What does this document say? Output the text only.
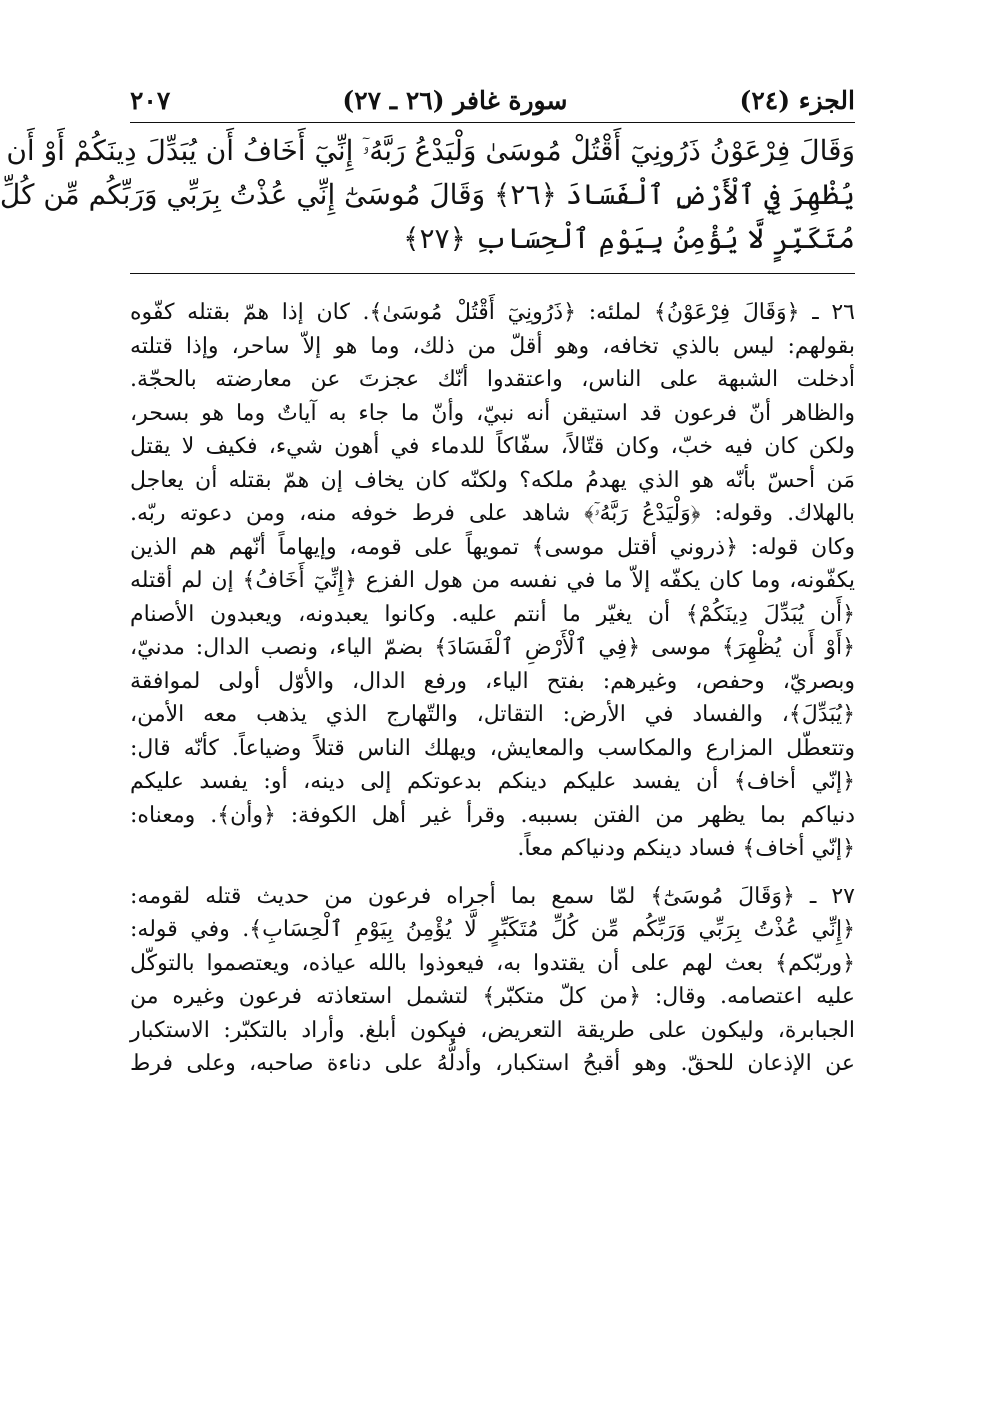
الجزء (٢٤)
سورة غافر (٢٦ ـ ٢٧)
٢٠٧
وَقَالَ فِرْعَوْنُ ذَرُونِيٓ أَقْتُلْ مُوسَىٰ وَلْيَدْعُ رَبَّهُۥٓ إِنِّيٓ أَخَافُ أَن يُبَدِّلَ دِينَكُمْ أَوْ أَن
يُظْهِرَ فِي ٱلْأَرْضِ ٱلْفَسَادَ ﴿٢٦﴾ وَقَالَ مُوسَىٰٓ إِنِّي عُذْتُ بِرَبِّي وَرَبِّكُم مِّن كُلِّ
مُتَكَبِّرٍ لَّا يُؤْمِنُ بِيَوْمِ ٱلْحِسَابِ ﴿٢٧﴾

٢٦ ـ ﴿وَقَالَ فِرْعَوْنُ﴾ لملئه: ﴿ذَرُونِيٓ أَقْتُلْ مُوسَىٰ﴾. كان إذا همّ بقتله كفّوه

بقولهم: ليس بالذي تخافه، وهو أقلّ من ذلك، وما هو إلاّ ساحر، وإذا قتلته

أدخلت الشبهة على الناس، واعتقدوا أنّك عجزتَ عن معارضته بالحجّة.

والظاهر أنّ فرعون قد استيقن أنه نبيّ، وأنّ ما جاء به آياتٌ وما هو بسحر،

ولكن كان فيه خبّ، وكان قتّالاً، سفّاكاً للدماء في أهون شيء، فكيف لا يقتل

مَن أحسّ بأنّه هو الذي يهدمُ ملكه؟ ولكنّه كان يخاف إن همّ بقتله أن يعاجل

بالهلاك. وقوله: ﴿وَلْيَدْعُ رَبَّهُۥٓ﴾ شاهد على فرط خوفه منه، ومن دعوته ربّه.

وكان قوله: ﴿ذروني أقتل موسى﴾ تمويهاً على قومه، وإيهاماً أنّهم هم الذين

يكفّونه، وما كان يكفّه إلاّ ما في نفسه من هول الفزع ﴿إِنِّيٓ أَخَافُ﴾ إن لم أقتله

﴿أَن يُبَدِّلَ دِينَكُمْ﴾ أن يغيّر ما أنتم عليه. وكانوا يعبدونه، ويعبدون الأصنام

﴿أَوْ أَن يُظْهِرَ﴾ موسى ﴿فِي ٱلْأَرْضِ ٱلْفَسَادَ﴾ بضمّ الياء، ونصب الدال: مدنيّ،

وبصريّ، وحفص، وغيرهم: بفتح الياء، ورفع الدال، والأوّل أولى لموافقة

﴿يُبَدِّلَ﴾، والفساد في الأرض: التقاتل، والتّهارج الذي يذهب معه الأمن،

وتتعطّل المزارع والمكاسب والمعايش، ويهلك الناس قتلاً وضياعاً. كأنّه قال:

﴿إنّي أخاف﴾ أن يفسد عليكم دينكم بدعوتكم إلى دينه، أو: يفسد عليكم

دنياكم بما يظهر من الفتن بسببه. وقرأ غير أهل الكوفة: ﴿وأن﴾. ومعناه:

﴿إنّي أخاف﴾ فساد دينكم ودنياكم معاً.

٢٧ ـ ﴿وَقَالَ مُوسَىٰٓ﴾ لمّا سمع بما أجراه فرعون من حديث قتله لقومه:

﴿إِنِّي عُذْتُ بِرَبِّي وَرَبِّكُم مِّن كُلِّ مُتَكَبِّرٍ لَّا يُؤْمِنُ بِيَوْمِ ٱلْحِسَابِ﴾. وفي قوله:

﴿وربّكم﴾ بعث لهم على أن يقتدوا به، فيعوذوا بالله عياذه، ويعتصموا بالتوكّل

عليه اعتصامه. وقال: ﴿من كلّ متكبّر﴾ لتشمل استعاذته فرعون وغيره من

الجبابرة، وليكون على طريقة التعريض، فيكون أبلغ. وأراد بالتكبّر: الاستكبار

عن الإذعان للحقّ. وهو أقبحُ استكبار، وأدلُّهُ على دناءة صاحبه، وعلى فرط
